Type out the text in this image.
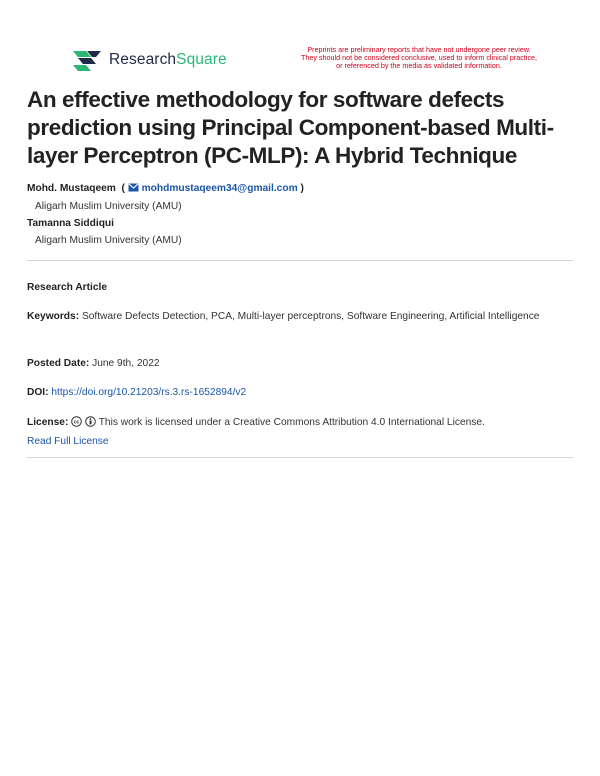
ResearchSquare
Preprints are preliminary reports that have not undergone peer review.
They should not be considered conclusive, used to inform clinical practice,
or referenced by the media as validated information.
An effective methodology for software defects prediction using Principal Component-based Multi-layer Perceptron (PC-MLP): A Hybrid Technique
Mohd. Mustaqeem  (  mohdmustaqeem34@gmail.com )
Aligarh Muslim University (AMU)
Tamanna Siddiqui
Aligarh Muslim University (AMU)
Research Article
Keywords: Software Defects Detection, PCA, Multi-layer perceptrons, Software Engineering, Artificial Intelligence
Posted Date: June 9th, 2022
DOI: https://doi.org/10.21203/rs.3.rs-1652894/v2
License: cc This work is licensed under a Creative Commons Attribution 4.0 International License.
Read Full License
